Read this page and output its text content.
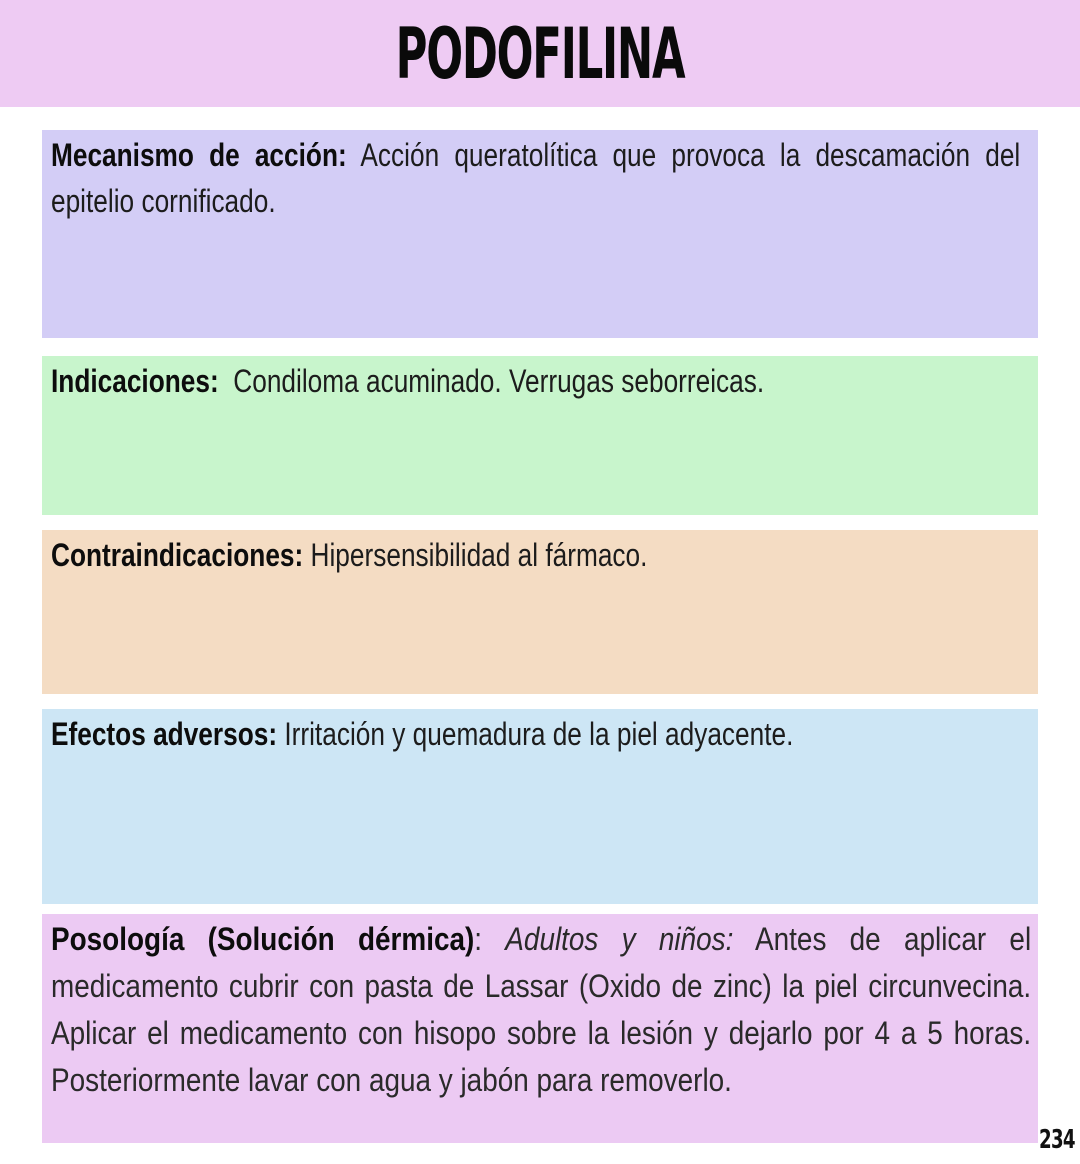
PODOFILINA
Mecanismo de acción: Acción queratolítica que provoca la descamación del epitelio cornificado.
Indicaciones:  Condiloma acuminado. Verrugas seborreicas.
Contraindicaciones: Hipersensibilidad al fármaco.
Efectos adversos: Irritación y quemadura de la piel adyacente.
Posología (Solución dérmica): Adultos y niños: Antes de aplicar el medicamento cubrir con pasta de Lassar (Oxido de zinc) la piel circunvecina. Aplicar el medicamento con hisopo sobre la lesión y dejarlo por 4 a 5 horas. Posteriormente lavar con agua y jabón para removerlo.
234
